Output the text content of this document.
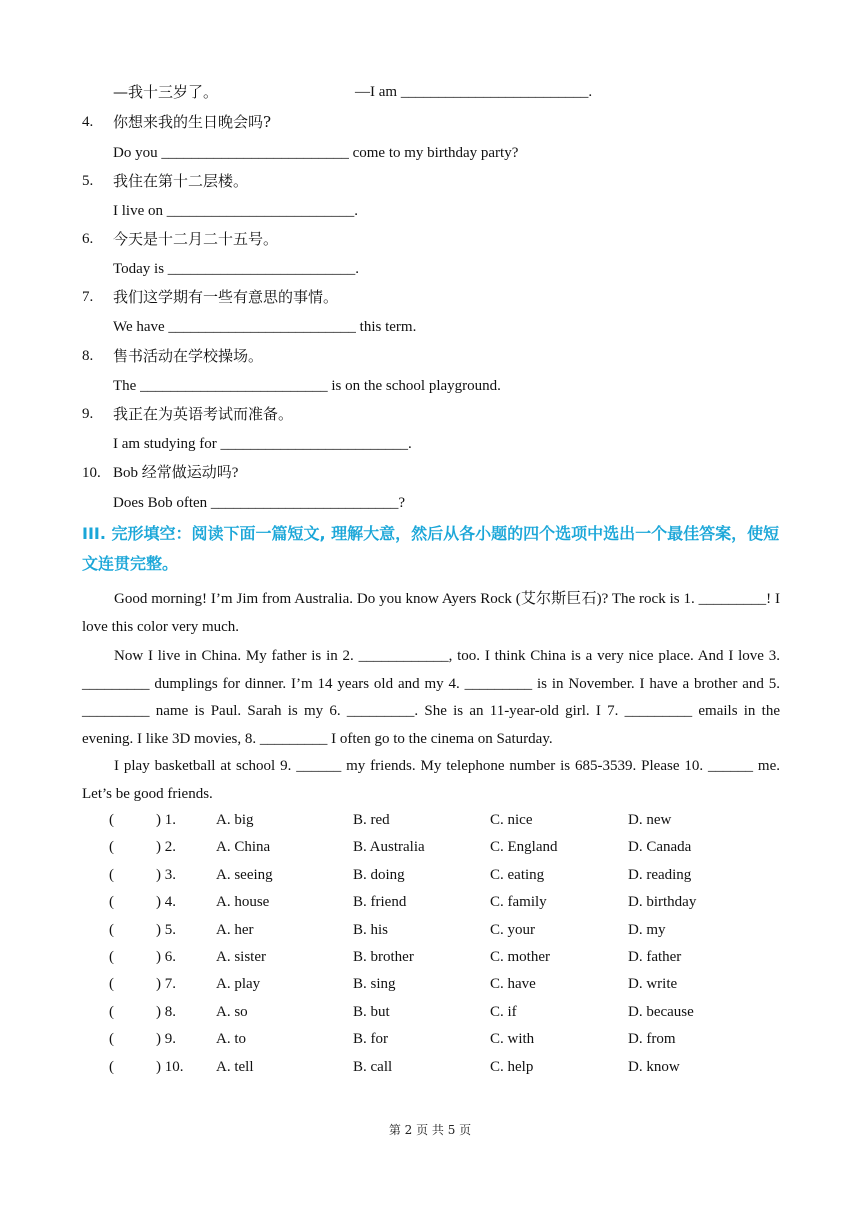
—我十三岁了。	—I am _________________________.
4. 你想来我的生日晚会吗?
Do you _________________________ come to my birthday party?
5. 我住在第十二层楼。
I live on _________________________.
6. 今天是十二月二十五号。
Today is _________________________.
7. 我们这学期有一些有意思的事情。
We have _________________________ this term.
8. 售书活动在学校操场。
The _________________________ is on the school playground.
9. 我正在为英语考试而准备。
I am studying for _________________________.
10. Bob 经常做运动吗?
Does Bob often _________________________?
III. 完形填空：阅读下面一篇短文, 理解大意，然后从各小题的四个选项中选出一个最佳答案，使短文连贯完整。
Good morning! I’m Jim from Australia. Do you know Ayers Rock (艾尔斯巨石)? The rock is 1. _________! I love this color very much.
Now I live in China. My father is in 2. ____________, too. I think China is a very nice place. And I love 3. _________ dumplings for dinner. I’m 14 years old and my 4. _________ is in November. I have a brother and 5. _________ name is Paul. Sarah is my 6. _________. She is an 11-year-old girl. I 7. _________ emails in the evening. I like 3D movies, 8. _________ I often go to the cinema on Saturday.
I play basketball at school 9. ______ my friends. My telephone number is 685-3539. Please 10. ______ me. Let’s be good friends.
(	) 1.	A. big	B. red	C. nice	D. new
(	) 2.	A. China	B. Australia	C. England	D. Canada
(	) 3.	A. seeing	B. doing	C. eating	D. reading
(	) 4.	A. house	B. friend	C. family	D. birthday
(	) 5.	A. her	B. his	C. your	D. my
(	) 6.	A. sister	B. brother	C. mother	D. father
(	) 7.	A. play	B. sing	C. have	D. write
(	) 8.	A. so	B. but	C. if	D. because
(	) 9.	A. to	B. for	C. with	D. from
(	) 10. A. tell	B. call	C. help	D. know
第 2 页 共 5 页
